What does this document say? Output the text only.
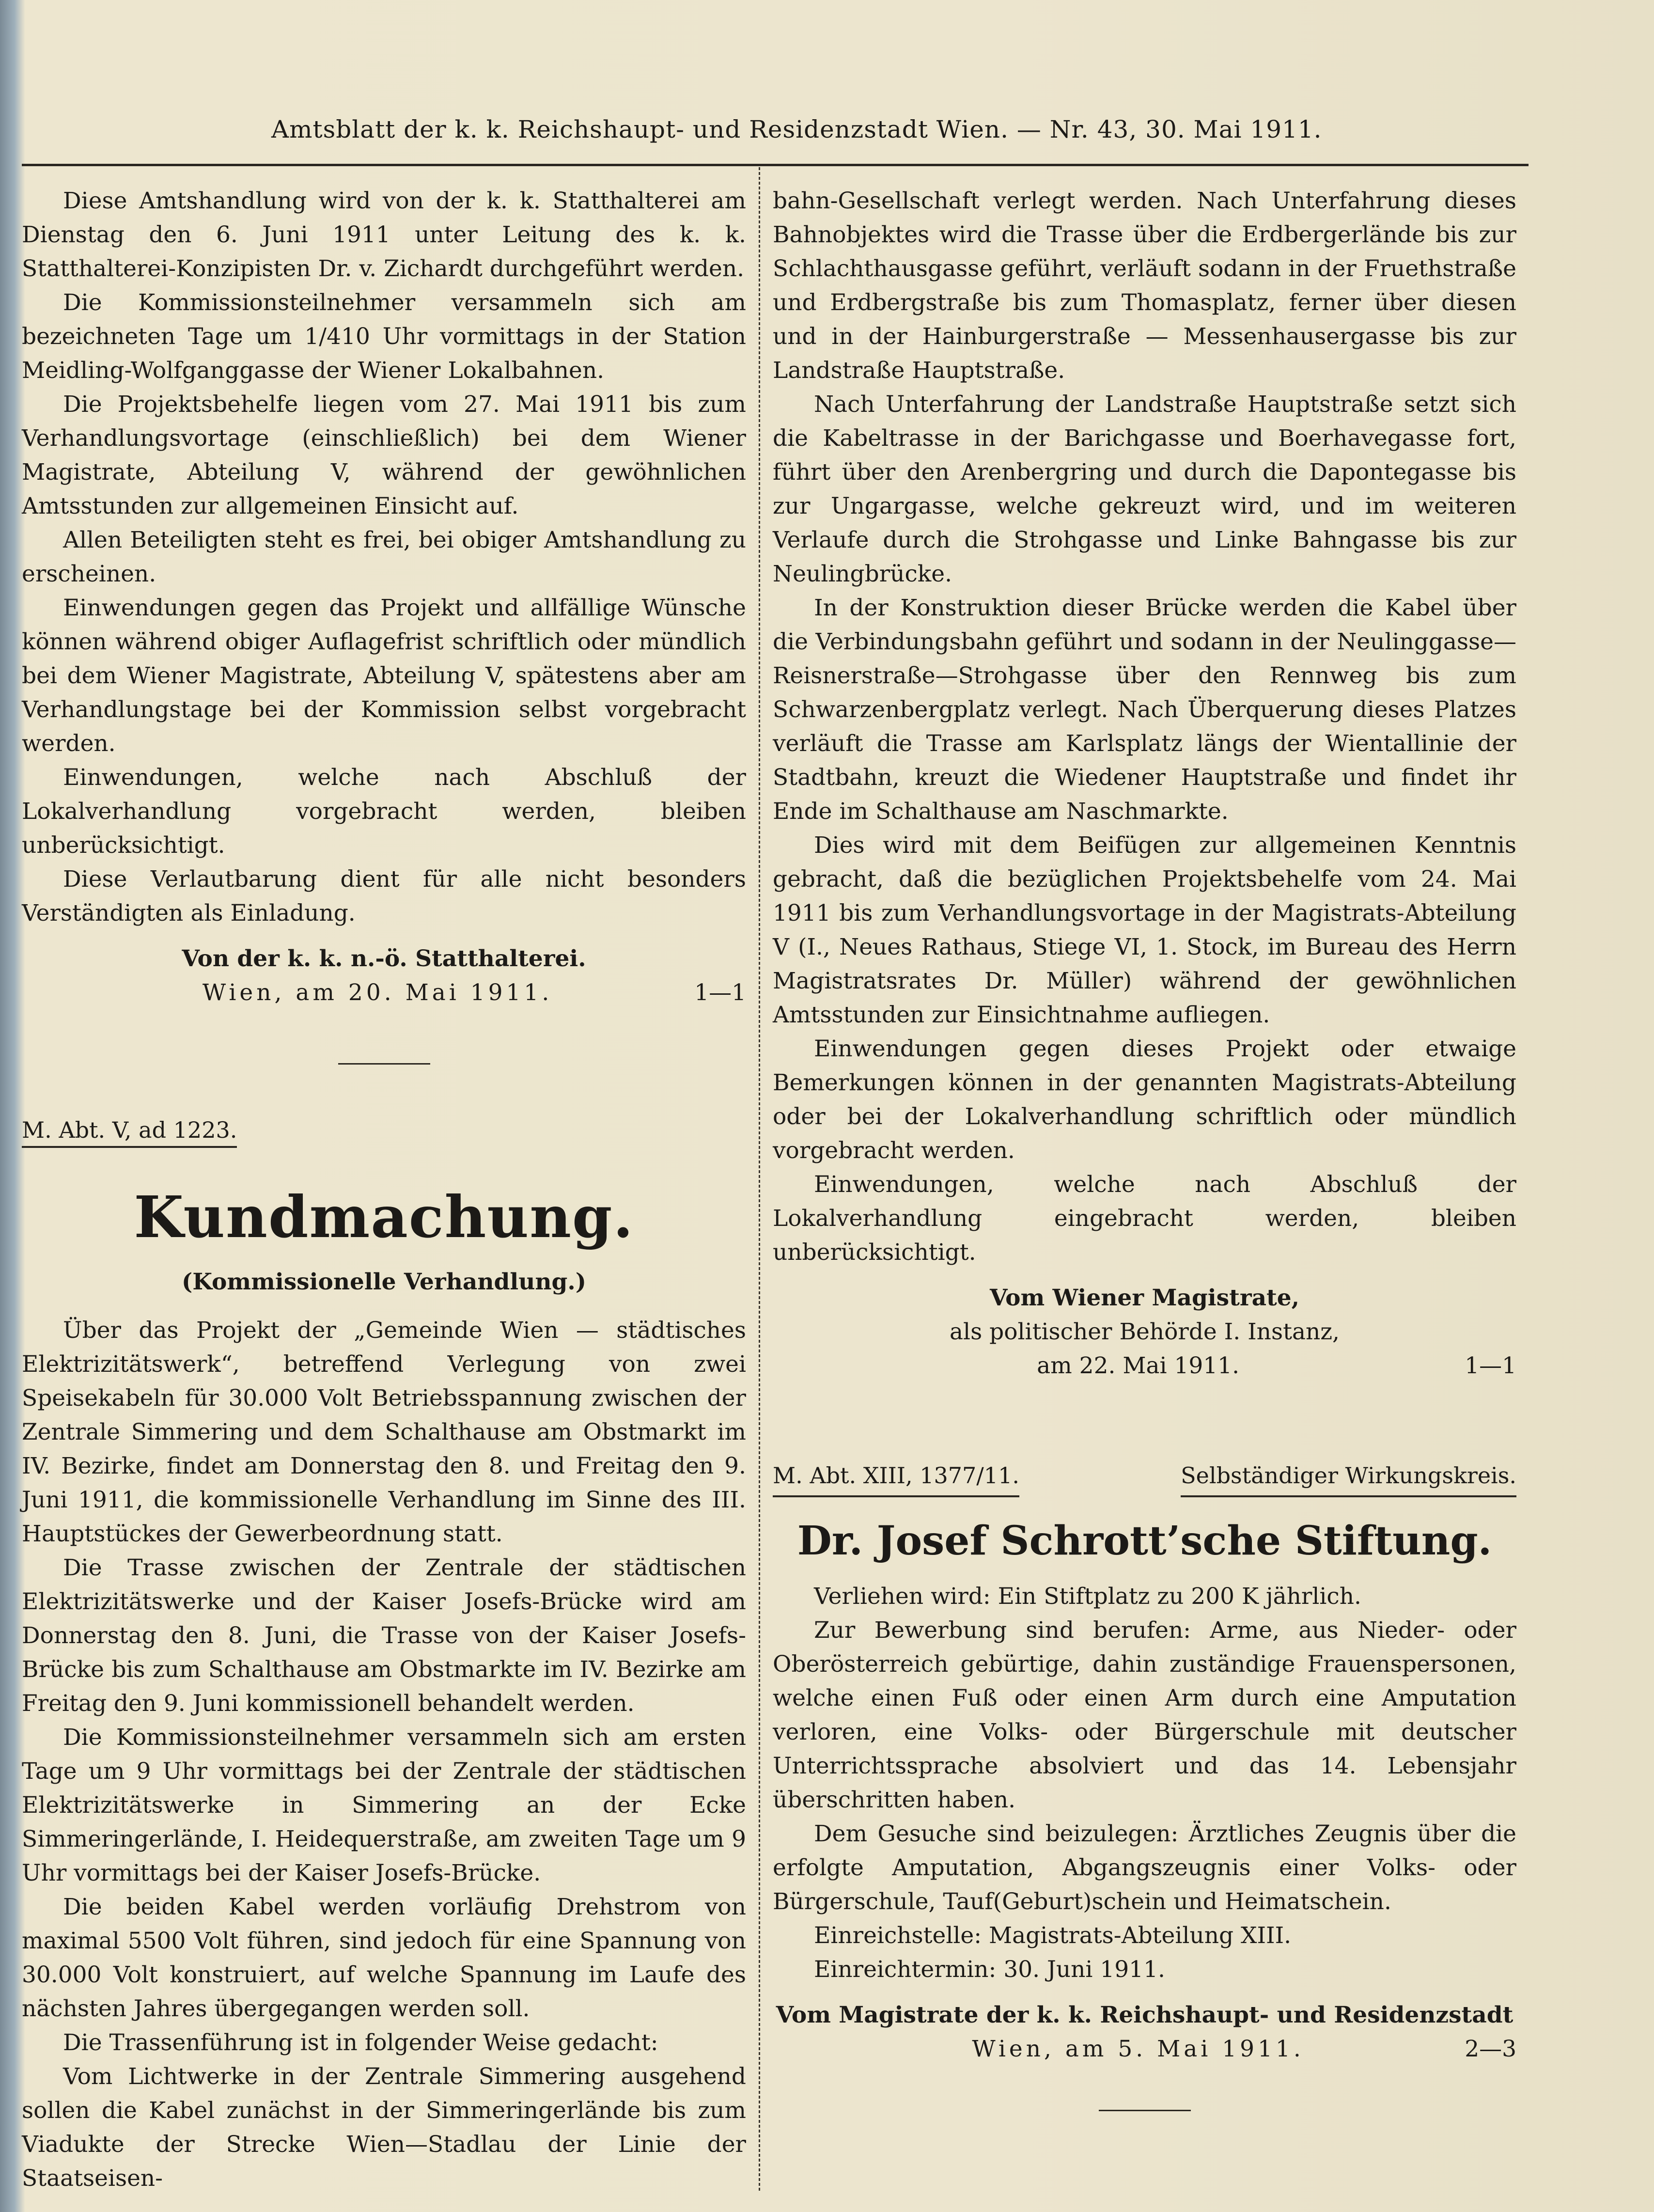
Amtsblatt der k. k. Reichshaupt- und Residenzstadt Wien. — Nr. 43, 30. Mai 1911.

Diese Amtshandlung wird von der k. k. Statthalterei am Dienstag den 6. Juni 1911 unter Leitung des k. k. Statthalterei-Konzipisten Dr. v. Zichardt durchgeführt werden.

Die Kommissionsteilnehmer versammeln sich am bezeichneten Tage um 1/410 Uhr vormittags in der Station Meidling-Wolfganggasse der Wiener Lokalbahnen.

Die Projektsbehelfe liegen vom 27. Mai 1911 bis zum Verhandlungsvortage (einschließlich) bei dem Wiener Magistrate, Abteilung V, während der gewöhnlichen Amtsstunden zur allgemeinen Einsicht auf.

Allen Beteiligten steht es frei, bei obiger Amtshandlung zu erscheinen.

Einwendungen gegen das Projekt und allfällige Wünsche können während obiger Auflagefrist schriftlich oder mündlich bei dem Wiener Magistrate, Abteilung V, spätestens aber am Verhandlungstage bei der Kommission selbst vorgebracht werden.

Einwendungen, welche nach Abschluß der Lokalverhandlung vorgebracht werden, bleiben unberücksichtigt.

Diese Verlautbarung dient für alle nicht besonders Verständigten als Einladung.

Von der k. k. n.-ö. Statthalterei.

Wien, am 20. Mai 1911.	1—1

M. Abt. V, ad 1223.

Kundmachung.

(Kommissionelle Verhandlung.)

Über das Projekt der „Gemeinde Wien — städtisches Elektrizitätswerk“, betreffend Verlegung von zwei Speisekabeln für 30.000 Volt Betriebsspannung zwischen der Zentrale Simmering und dem Schalthause am Obstmarkt im IV. Bezirke, findet am Donnerstag den 8. und Freitag den 9. Juni 1911, die kommissionelle Verhandlung im Sinne des III. Hauptstückes der Gewerbeordnung statt.

Die Trasse zwischen der Zentrale der städtischen Elektrizitätswerke und der Kaiser Josefs-Brücke wird am Donnerstag den 8. Juni, die Trasse von der Kaiser Josefs-Brücke bis zum Schalthause am Obstmarkte im IV. Bezirke am Freitag den 9. Juni kommissionell behandelt werden.

Die Kommissionsteilnehmer versammeln sich am ersten Tage um 9 Uhr vormittags bei der Zentrale der städtischen Elektrizitätswerke in Simmering an der Ecke Simmeringerlände, I. Heidequerstraße, am zweiten Tage um 9 Uhr vormittags bei der Kaiser Josefs-Brücke.

Die beiden Kabel werden vorläufig Drehstrom von maximal 5500 Volt führen, sind jedoch für eine Spannung von 30.000 Volt konstruiert, auf welche Spannung im Laufe des nächsten Jahres übergegangen werden soll.

Die Trassenführung ist in folgender Weise gedacht:

Vom Lichtwerke in der Zentrale Simmering ausgehend sollen die Kabel zunächst in der Simmeringerlände bis zum Viadukte der Strecke Wien—Stadlau der Linie der Staatseisen-

bahn-Gesellschaft verlegt werden. Nach Unterfahrung dieses Bahnobjektes wird die Trasse über die Erdbergerlände bis zur Schlachthausgasse geführt, verläuft sodann in der Fruethstraße und Erdbergstraße bis zum Thomasplatz, ferner über diesen und in der Hainburgerstraße — Messenhausergasse bis zur Landstraße Hauptstraße.

Nach Unterfahrung der Landstraße Hauptstraße setzt sich die Kabeltrasse in der Barichgasse und Boerhavegasse fort, führt über den Arenbergring und durch die Dapontegasse bis zur Ungargasse, welche gekreuzt wird, und im weiteren Verlaufe durch die Strohgasse und Linke Bahngasse bis zur Neulingbrücke.

In der Konstruktion dieser Brücke werden die Kabel über die Verbindungsbahn geführt und sodann in der Neulinggasse—Reisnerstraße—Strohgasse über den Rennweg bis zum Schwarzenbergplatz verlegt. Nach Überquerung dieses Platzes verläuft die Trasse am Karlsplatz längs der Wientallinie der Stadtbahn, kreuzt die Wiedener Hauptstraße und findet ihr Ende im Schalthause am Naschmarkte.

Dies wird mit dem Beifügen zur allgemeinen Kenntnis gebracht, daß die bezüglichen Projektsbehelfe vom 24. Mai 1911 bis zum Verhandlungsvortage in der Magistrats-Abteilung V (I., Neues Rathaus, Stiege VI, 1. Stock, im Bureau des Herrn Magistratsrates Dr. Müller) während der gewöhnlichen Amtsstunden zur Einsichtnahme aufliegen.

Einwendungen gegen dieses Projekt oder etwaige Bemerkungen können in der genannten Magistrats-Abteilung oder bei der Lokalverhandlung schriftlich oder mündlich vorgebracht werden.

Einwendungen, welche nach Abschluß der Lokalverhandlung eingebracht werden, bleiben unberücksichtigt.

Vom Wiener Magistrate,

als politischer Behörde I. Instanz,

am 22. Mai 1911.	1—1

M. Abt. XIII, 1377/11.	Selbständiger Wirkungskreis.

Dr. Josef Schrott’sche Stiftung.

Verliehen wird: Ein Stiftplatz zu 200 K jährlich.

Zur Bewerbung sind berufen: Arme, aus Nieder- oder Oberösterreich gebürtige, dahin zuständige Frauenspersonen, welche einen Fuß oder einen Arm durch eine Amputation verloren, eine Volks- oder Bürgerschule mit deutscher Unterrichtssprache absolviert und das 14. Lebensjahr überschritten haben.

Dem Gesuche sind beizulegen: Ärztliches Zeugnis über die erfolgte Amputation, Abgangszeugnis einer Volks- oder Bürgerschule, Tauf(Geburt)schein und Heimatschein.

Einreichstelle: Magistrats-Abteilung XIII.

Einreichtermin: 30. Juni 1911.

Vom Magistrate der k. k. Reichshaupt- und Residenzstadt

Wien, am 5. Mai 1911.	2—3
